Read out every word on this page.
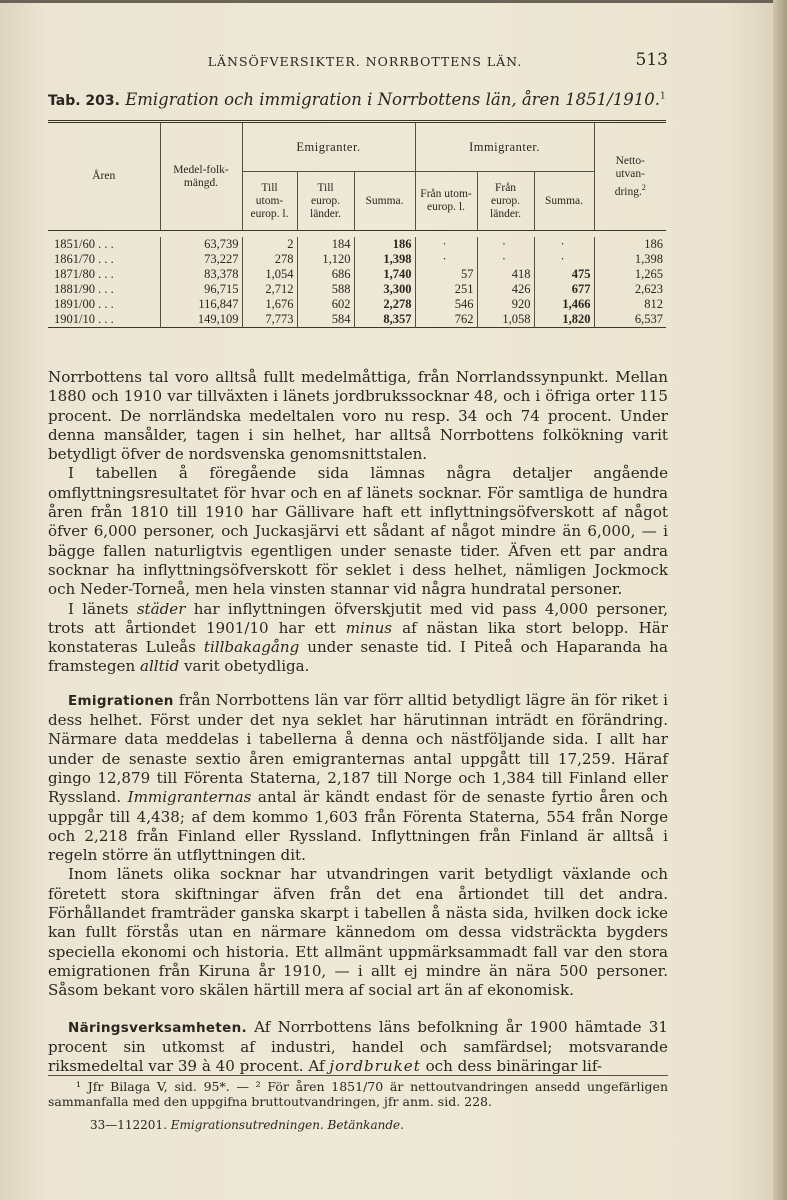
LÄNSÖFVERSIKTER. NORRBOTTENS LÄN.	513
Tab. 203. Emigration och immigration i Norrbottens län, åren 1851/1910.$^1$
Åren	Medel-folk-mängd.	Emigranter.			Immigranter.			Netto-utvan-dring.$^2$
		Till utom-europ. l.	Till europ. länder.	Summa.	Från utom-europ. l.	Från europ. länder.	Summa.	

1851/60 . . .	63,739	2	184	186	·	·	·	186
1861/70 . . .	73,227	278	1,120	1,398	·	·	·	1,398
1871/80 . . .	83,378	1,054	686	1,740	57	418	475	1,265
1881/90 . . .	96,715	2,712	588	3,300	251	426	677	2,623
1891/00 . . .	116,847	1,676	602	2,278	546	920	1,466	812
1901/10 . . .	149,109	7,773	584	8,357	762	1,058	1,820	6,537

Norrbottens tal voro alltså fullt medelmåttiga, från Norrlandssynpunkt. Mellan 1880 och 1910 var tillväxten i länets jordbrukssocknar 48, och i öfriga orter 115 procent. De norrländska medeltalen voro nu resp. 34 och 74 procent. Under denna mansålder, tagen i sin helhet, har alltså Norrbottens folkökning varit betydligt öfver de nordsvenska genomsnittstalen.

I tabellen å föregående sida lämnas några detaljer angående omflyttningsresultatet för hvar och en af länets socknar. För samtliga de hundra åren från 1810 till 1910 har Gällivare haft ett inflyttningsöfverskott af något öfver 6,000 personer, och Juckasjärvi ett sådant af något mindre än 6,000, — i bägge fallen naturligtvis egentligen under senaste tider. Äfven ett par andra socknar ha inflyttningsöfverskott för seklet i dess helhet, nämligen Jockmock och Neder-Torneå, men hela vinsten stannar vid några hundratal personer.

I länets städer har inflyttningen öfverskjutit med vid pass 4,000 personer, trots att årtiondet 1901/10 har ett minus af nästan lika stort belopp. Här konstateras Luleås tillbakagång under senaste tid. I Piteå och Haparanda ha framstegen alltid varit obetydliga.

Emigrationen från Norrbottens län var förr alltid betydligt lägre än för riket i dess helhet. Först under det nya seklet har härutinnan inträdt en förändring. Närmare data meddelas i tabellerna å denna och nästföljande sida. I allt har under de senaste sextio åren emigranternas antal uppgått till 17,259. Häraf gingo 12,879 till Förenta Staterna, 2,187 till Norge och 1,384 till Finland eller Ryssland. Immigranternas antal är kändt endast för de senaste fyrtio åren och uppgår till 4,438; af dem kommo 1,603 från Förenta Staterna, 554 från Norge och 2,218 från Finland eller Ryssland. Inflyttningen från Finland är alltså i regeln större än utflyttningen dit.

Inom länets olika socknar har utvandringen varit betydligt växlande och företett stora skiftningar äfven från det ena årtiondet till det andra. Förhållandet framträder ganska skarpt i tabellen å nästa sida, hvilken dock icke kan fullt förstås utan en närmare kännedom om dessa vidsträckta bygders speciella ekonomi och historia. Ett allmänt uppmärksammadt fall var den stora emigrationen från Kiruna år 1910, — i allt ej mindre än nära 500 personer. Såsom bekant voro skälen härtill mera af social art än af ekonomisk.

Näringsverksamheten. Af Norrbottens läns befolkning år 1900 hämtade 31 procent sin utkomst af industri, handel och samfärdsel; motsvarande riksmedeltal var 39 à 40 procent. Af jordbruket och dess binäringar lif-

¹ Jfr Bilaga V, sid. 95*. — ² För åren 1851/70 är nettoutvandringen ansedd ungefärligen sammanfalla med den uppgifna bruttoutvandringen, jfr anm. sid. 228.

33—112201. Emigrationsutredningen. Betänkande.
